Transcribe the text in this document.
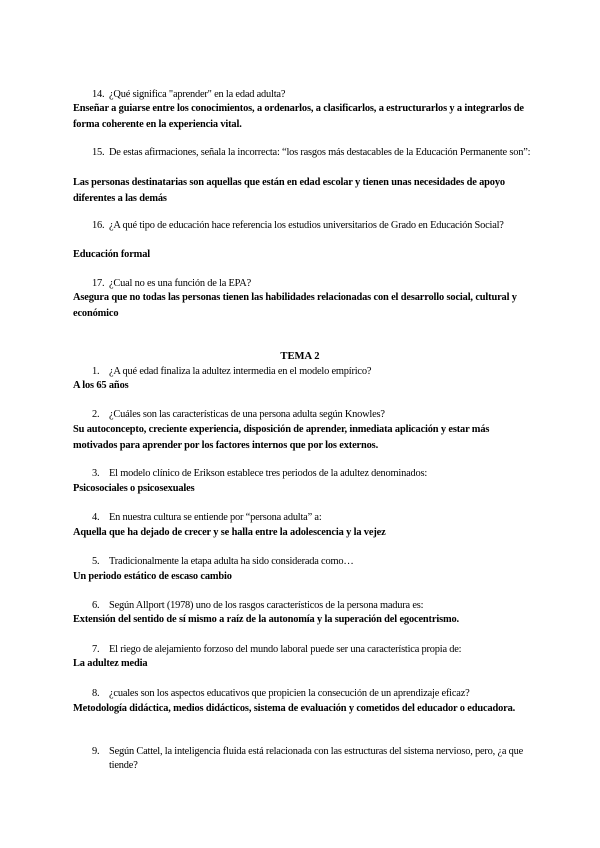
14. ¿Qué significa "aprender" en la edad adulta?
Enseñar a guiarse entre los conocimientos, a ordenarlos, a clasificarlos, a estructurarlos y a integrarlos de forma coherente en la experiencia vital.
15. De estas afirmaciones, señala la incorrecta: “los rasgos más destacables de la Educación Permanente son”:
Las personas destinatarias son aquellas que están en edad escolar y tienen unas necesidades de apoyo diferentes a las demás
16. ¿A qué tipo de educación hace referencia los estudios universitarios de Grado en Educación Social?
Educación formal
17. ¿Cual no es una función de la EPA?
Asegura que no todas las personas tienen las habilidades relacionadas con el desarrollo social, cultural y económico
TEMA 2
1. ¿A qué edad finaliza la adultez intermedia en el modelo empírico?
A los 65 años
2. ¿Cuáles son las características de una persona adulta según Knowles?
Su autoconcepto, creciente experiencia, disposición de aprender, inmediata aplicación y estar más motivados para aprender por los factores internos que por los externos.
3. El modelo clínico de Erikson establece tres periodos de la adultez denominados:
Psicosociales o psicosexuales
4. En nuestra cultura se entiende por “persona adulta” a:
Aquella que ha dejado de crecer y se halla entre la adolescencia y la vejez
5. Tradicionalmente la etapa adulta ha sido considerada como…
Un periodo estático de escaso cambio
6. Según Allport (1978) uno de los rasgos característicos de la persona madura es:
Extensión del sentido de sí mismo a raíz de la autonomía y la superación del egocentrismo.
7. El riego de alejamiento forzoso del mundo laboral puede ser una característica propia de:
La adultez media
8. ¿cuales son los aspectos educativos que propicien la consecución de un aprendizaje eficaz?
Metodología didáctica, medios didácticos, sistema de evaluación y cometidos del educador o educadora.
9. Según Cattel, la inteligencia fluida está relacionada con las estructuras del sistema nervioso, pero, ¿a que tiende?
